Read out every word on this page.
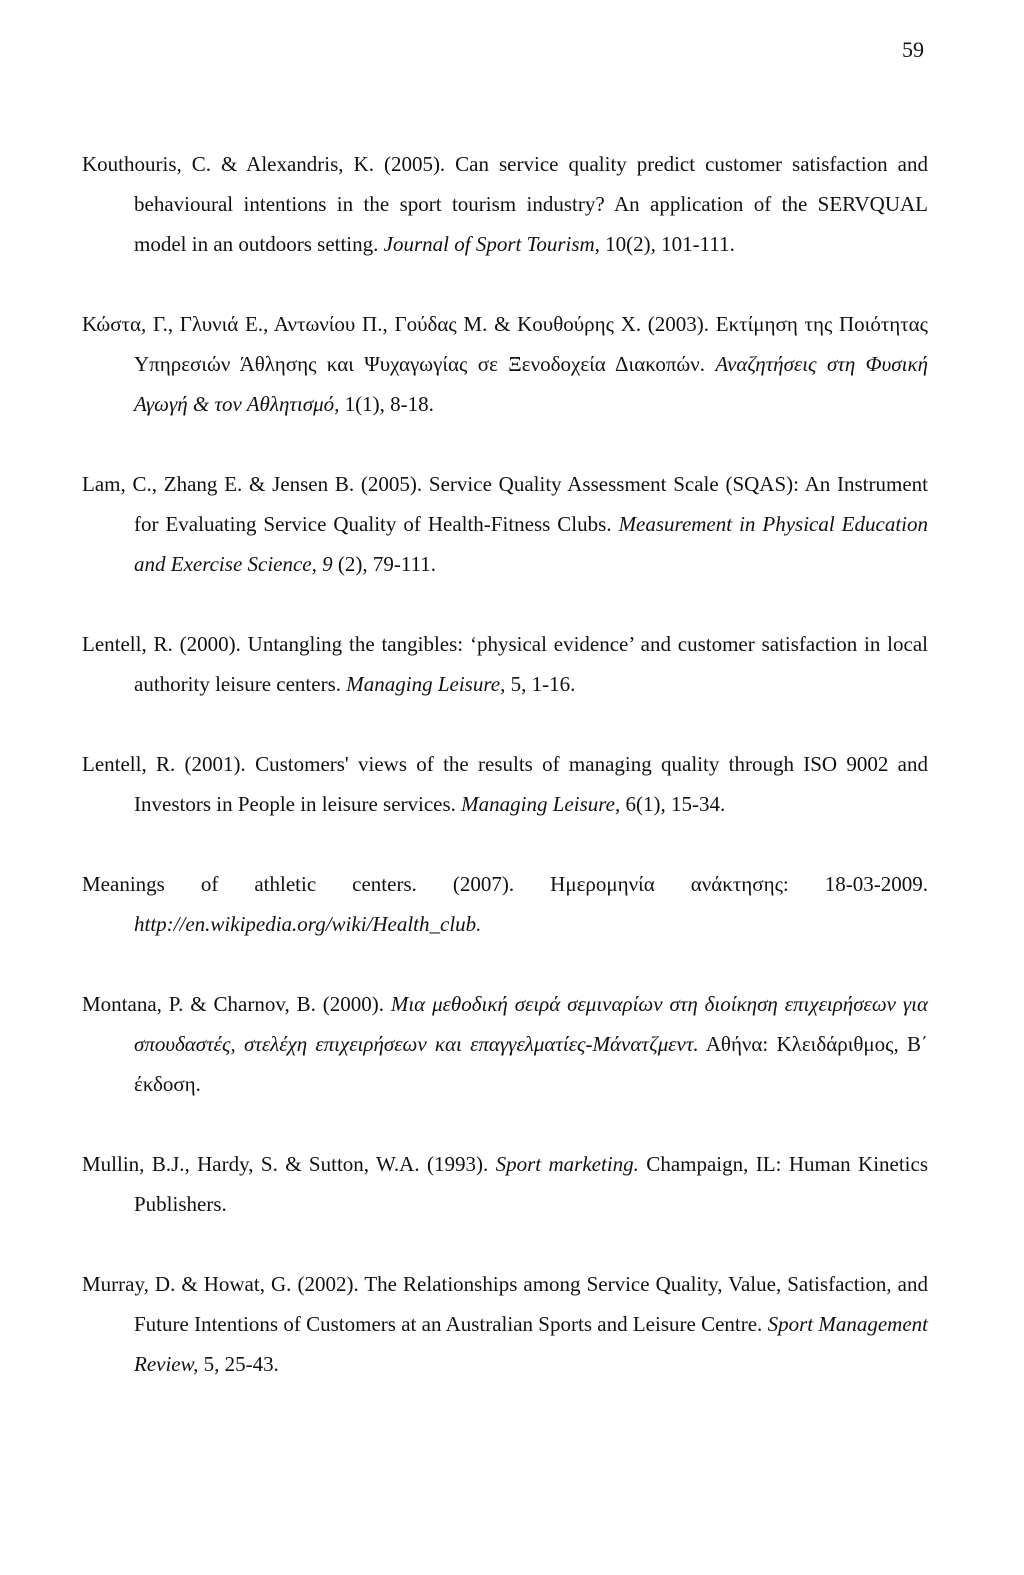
59

Kouthouris, C. & Alexandris, K. (2005). Can service quality predict customer satisfaction and behavioural intentions in the sport tourism industry? An application of the SERVQUAL model in an outdoors setting. Journal of Sport Tourism, 10(2), 101-111.

Κώστα, Γ., Γλυνιά Ε., Αντωνίου Π., Γούδας Μ. & Κουθούρης Χ. (2003). Εκτίμηση της Ποιότητας Υπηρεσιών Άθλησης και Ψυχαγωγίας σε Ξενοδοχεία Διακοπών. Αναζητήσεις στη Φυσική Αγωγή & τον Αθλητισμό, 1(1), 8-18.

Lam, C., Zhang E. & Jensen B. (2005). Service Quality Assessment Scale (SQAS): An Instrument for Evaluating Service Quality of Health-Fitness Clubs. Measurement in Physical Education and Exercise Science, 9 (2), 79-111.

Lentell, R. (2000). Untangling the tangibles: ‘physical evidence’ and customer satisfaction in local authority leisure centers. Managing Leisure, 5, 1-16.

Lentell, R. (2001). Customers' views of the results of managing quality through ISO 9002 and Investors in People in leisure services. Managing Leisure, 6(1), 15-34.

Meanings of athletic centers. (2007). Ημερομηνία ανάκτησης: 18-03-2009. http://en.wikipedia.org/wiki/Health_club.

Montana, P. & Charnov, B. (2000). Μια μεθοδική σειρά σεμιναρίων στη διοίκηση επιχειρήσεων για σπουδαστές, στελέχη επιχειρήσεων και επαγγελματίες-Μάνατζμεντ. Αθήνα: Κλειδάριθμος, Β΄ έκδοση.

Mullin, B.J., Hardy, S. & Sutton, W.A. (1993). Sport marketing. Champaign, IL: Human Kinetics Publishers.

Murray, D. & Howat, G. (2002). The Relationships among Service Quality, Value, Satisfaction, and Future Intentions of Customers at an Australian Sports and Leisure Centre. Sport Management Review, 5, 25-43.
